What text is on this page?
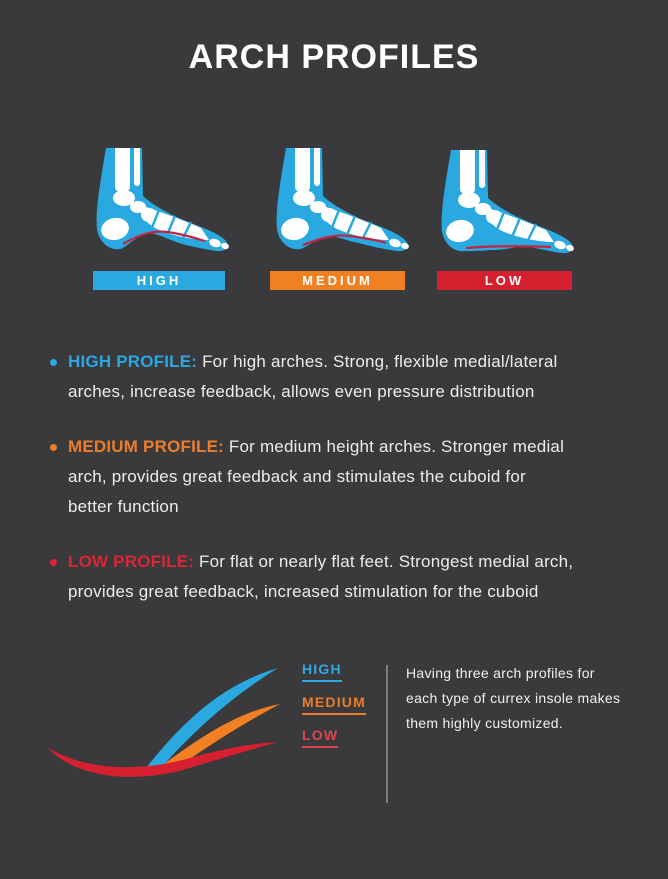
ARCH PROFILES
HIGH	MEDIUM	LOW
HIGH PROFILE: For high arches. Strong, flexible medial/lateral
arches, increase feedback, allows even pressure distribution
MEDIUM PROFILE: For medium height arches. Stronger medial
arch, provides great feedback and stimulates the cuboid for
better function
LOW PROFILE: For flat or nearly flat feet. Strongest medial arch,
provides great feedback, increased stimulation for the cuboid
HIGH
MEDIUM
LOW
Having three arch profiles for
each type of currex insole makes
them highly customized.
